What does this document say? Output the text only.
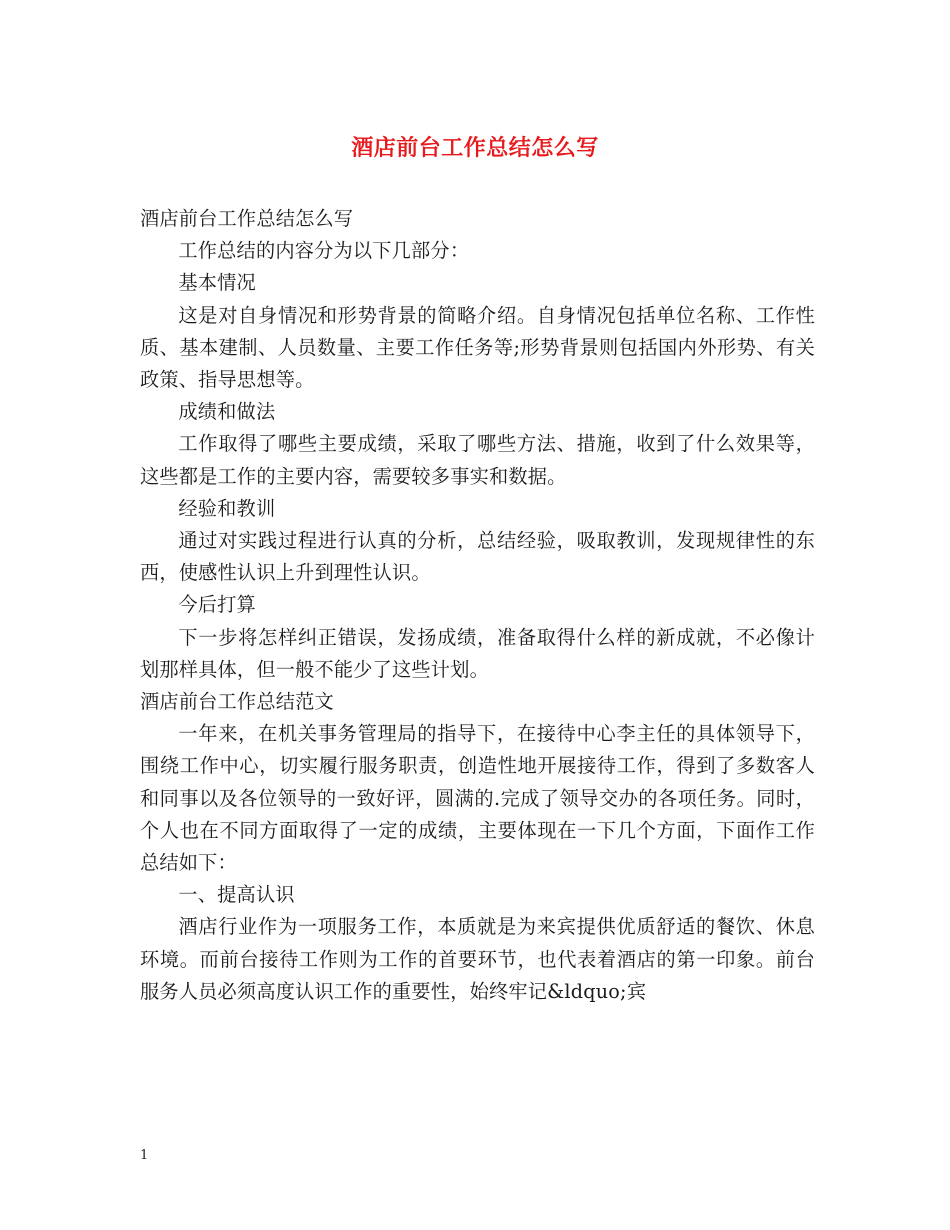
酒店前台工作总结怎么写

酒店前台工作总结怎么写

工作总结的内容分为以下几部分：

基本情况

这是对自身情况和形势背景的简略介绍。自身情况包括单位名称、工作性质、基本建制、人员数量、主要工作任务等;形势背景则包括国内外形势、有关政策、指导思想等。

成绩和做法

工作取得了哪些主要成绩，采取了哪些方法、措施，收到了什么效果等，这些都是工作的主要内容，需要较多事实和数据。

经验和教训

通过对实践过程进行认真的分析，总结经验，吸取教训，发现规律性的东西，使感性认识上升到理性认识。

今后打算

下一步将怎样纠正错误，发扬成绩，准备取得什么样的新成就，不必像计划那样具体，但一般不能少了这些计划。

酒店前台工作总结范文

一年来，在机关事务管理局的指导下，在接待中心李主任的具体领导下，围绕工作中心，切实履行服务职责，创造性地开展接待工作，得到了多数客人和同事以及各位领导的一致好评，圆满的.完成了领导交办的各项任务。同时，个人也在不同方面取得了一定的成绩，主要体现在一下几个方面，下面作工作总结如下：

一、提高认识

酒店行业作为一项服务工作，本质就是为来宾提供优质舒适的餐饮、休息环境。而前台接待工作则为工作的首要环节，也代表着酒店的第一印象。前台服务人员必须高度认识工作的重要性，始终牢记&ldquo;宾

1
